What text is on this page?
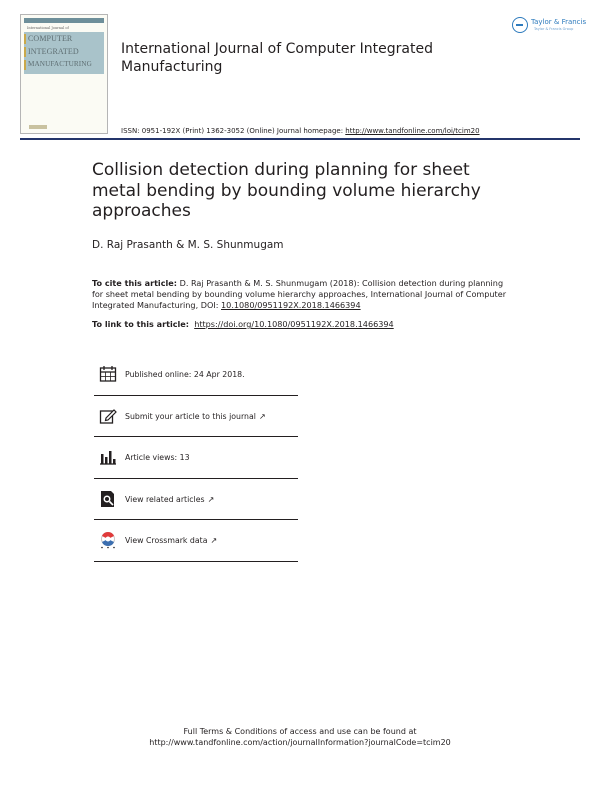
International Journal of
COMPUTER
INTEGRATED
MANUFACTURING
Taylor & Francis
Taylor & Francis Group
International Journal of Computer Integrated Manufacturing
ISSN: 0951-192X (Print) 1362-3052 (Online) Journal homepage: http://www.tandfonline.com/loi/tcim20
Collision detection during planning for sheet metal bending by bounding volume hierarchy approaches
D. Raj Prasanth & M. S. Shunmugam
To cite this article: D. Raj Prasanth & M. S. Shunmugam (2018): Collision detection during planning for sheet metal bending by bounding volume hierarchy approaches, International Journal of Computer Integrated Manufacturing, DOI: 10.1080/0951192X.2018.1466394
To link to this article: https://doi.org/10.1080/0951192X.2018.1466394
Published online: 24 Apr 2018.
Submit your article to this journal ↗
Article views: 13
View related articles ↗
View Crossmark data ↗
Full Terms & Conditions of access and use can be found at
http://www.tandfonline.com/action/journalInformation?journalCode=tcim20
